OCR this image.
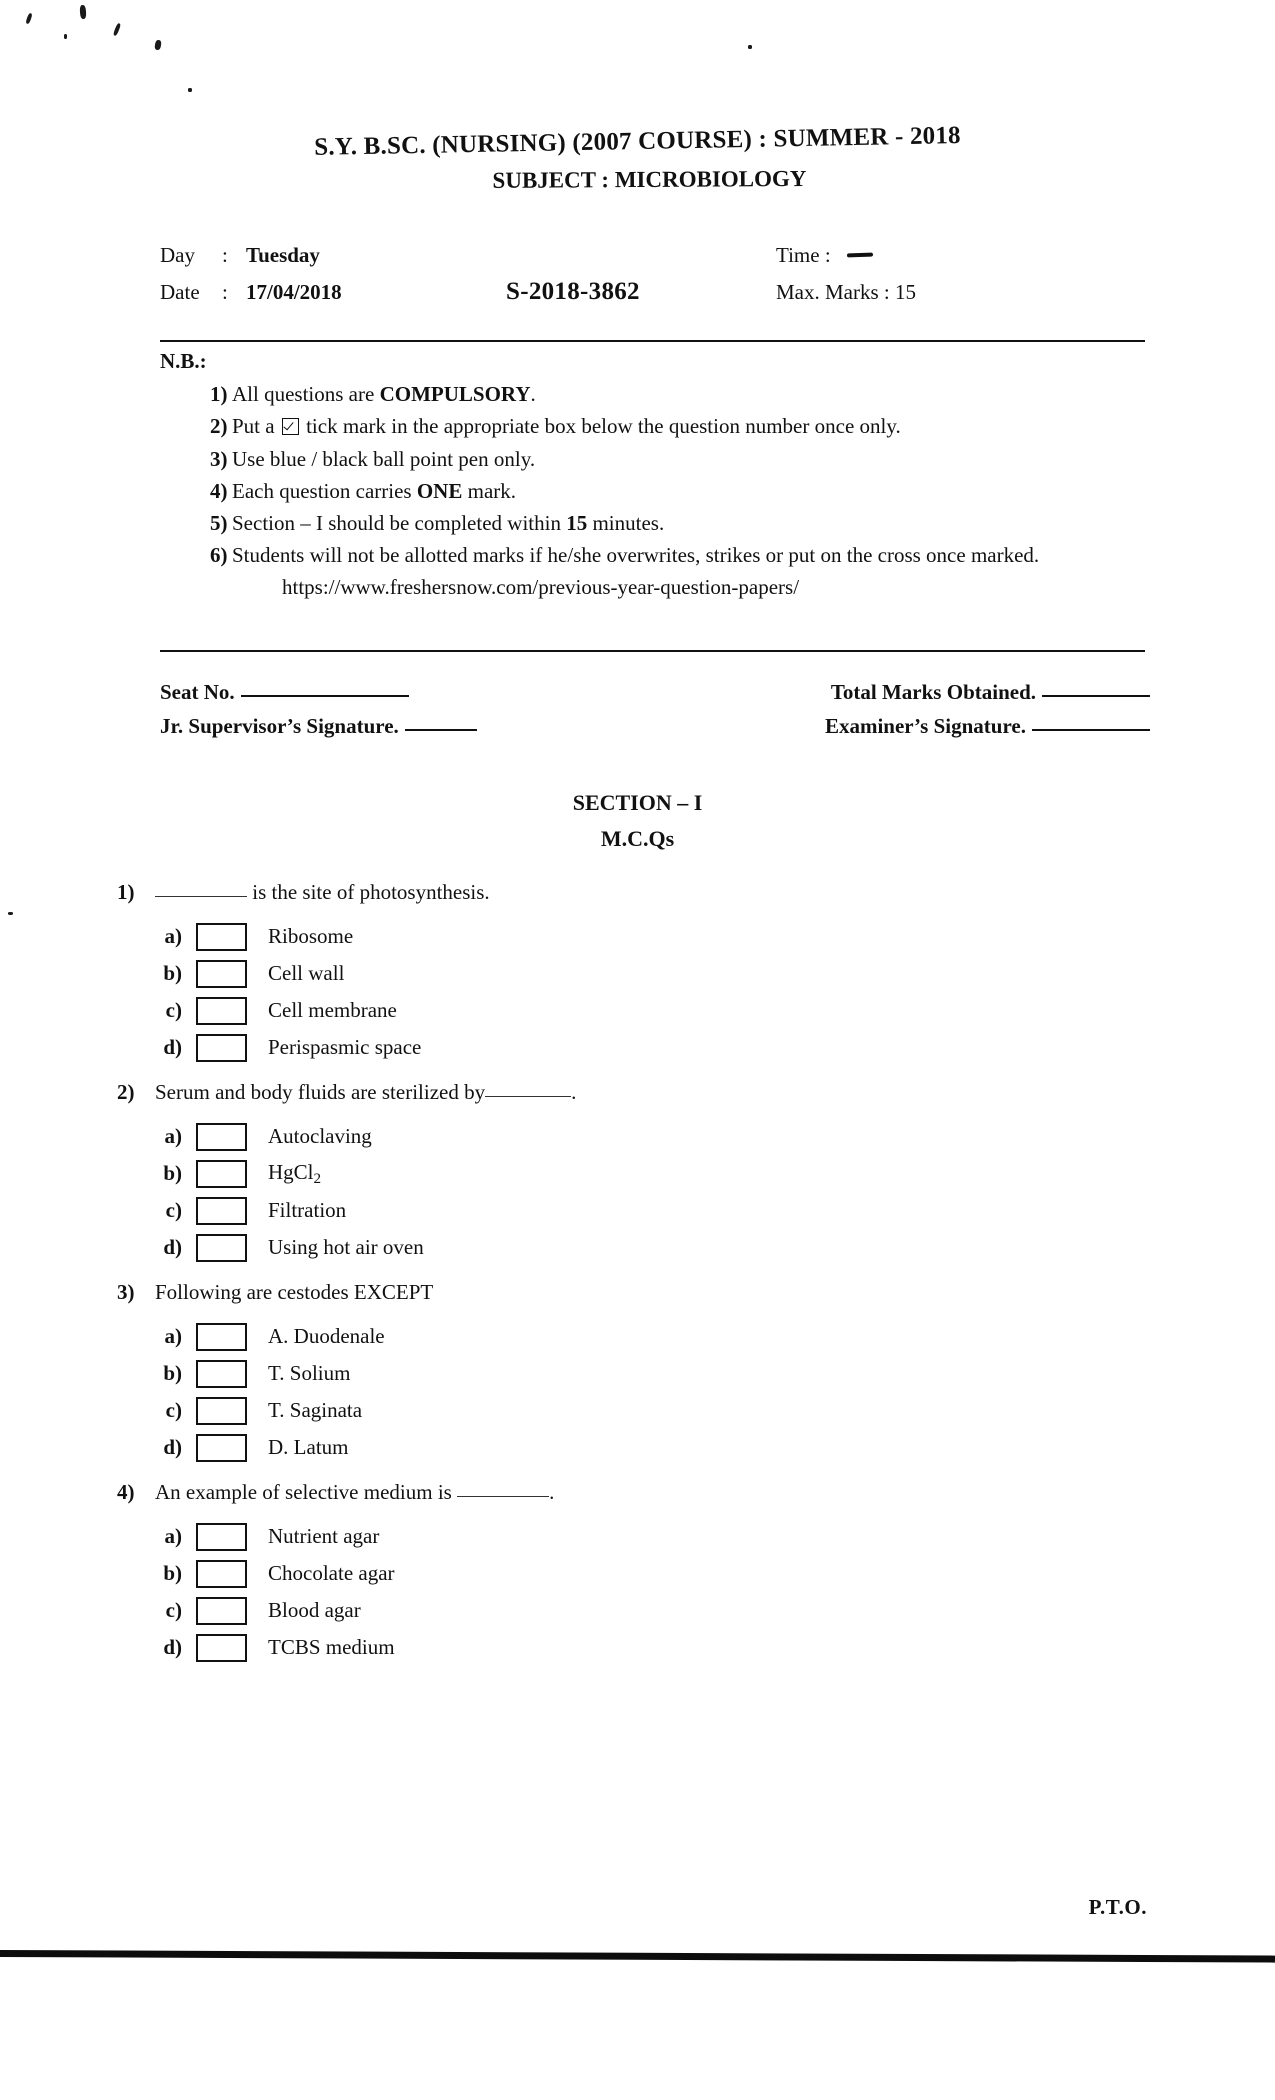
S.Y. B.SC. (NURSING) (2007 COURSE) : SUMMER - 2018
SUBJECT : MICROBIOLOGY
Day	: Tuesday	Time :
Date	: 17/04/2018	S-2018-3862	Max. Marks : 15
N.B.:
1) All questions are COMPULSORY.
2) Put a  tick mark in the appropriate box below the question number once only.
3) Use blue / black ball point pen only.
4) Each question carries ONE mark.
5) Section – I should be completed within 15 minutes.
6) Students will not be allotted marks if he/she overwrites, strikes or put on the cross once marked.
https://www.freshersnow.com/previous-year-question-papers/
Seat No.	Total Marks Obtained.
Jr. Supervisor’s Signature.	Examiner’s Signature.
SECTION – I
M.C.Qs
1)	is the site of photosynthesis.
a)	Ribosome
b)	Cell wall
c)	Cell membrane
d)	Perispasmic space
2) Serum and body fluids are sterilized by	.
a)	Autoclaving
b)	HgCl$_2$
c)	Filtration
d)	Using hot air oven
3) Following are cestodes EXCEPT
a)	A. Duodenale
b)	T. Solium
c)	T. Saginata
d)	D. Latum
4) An example of selective medium is	.
a)	Nutrient agar
b)	Chocolate agar
c)	Blood agar
d)	TCBS medium
P.T.O.
